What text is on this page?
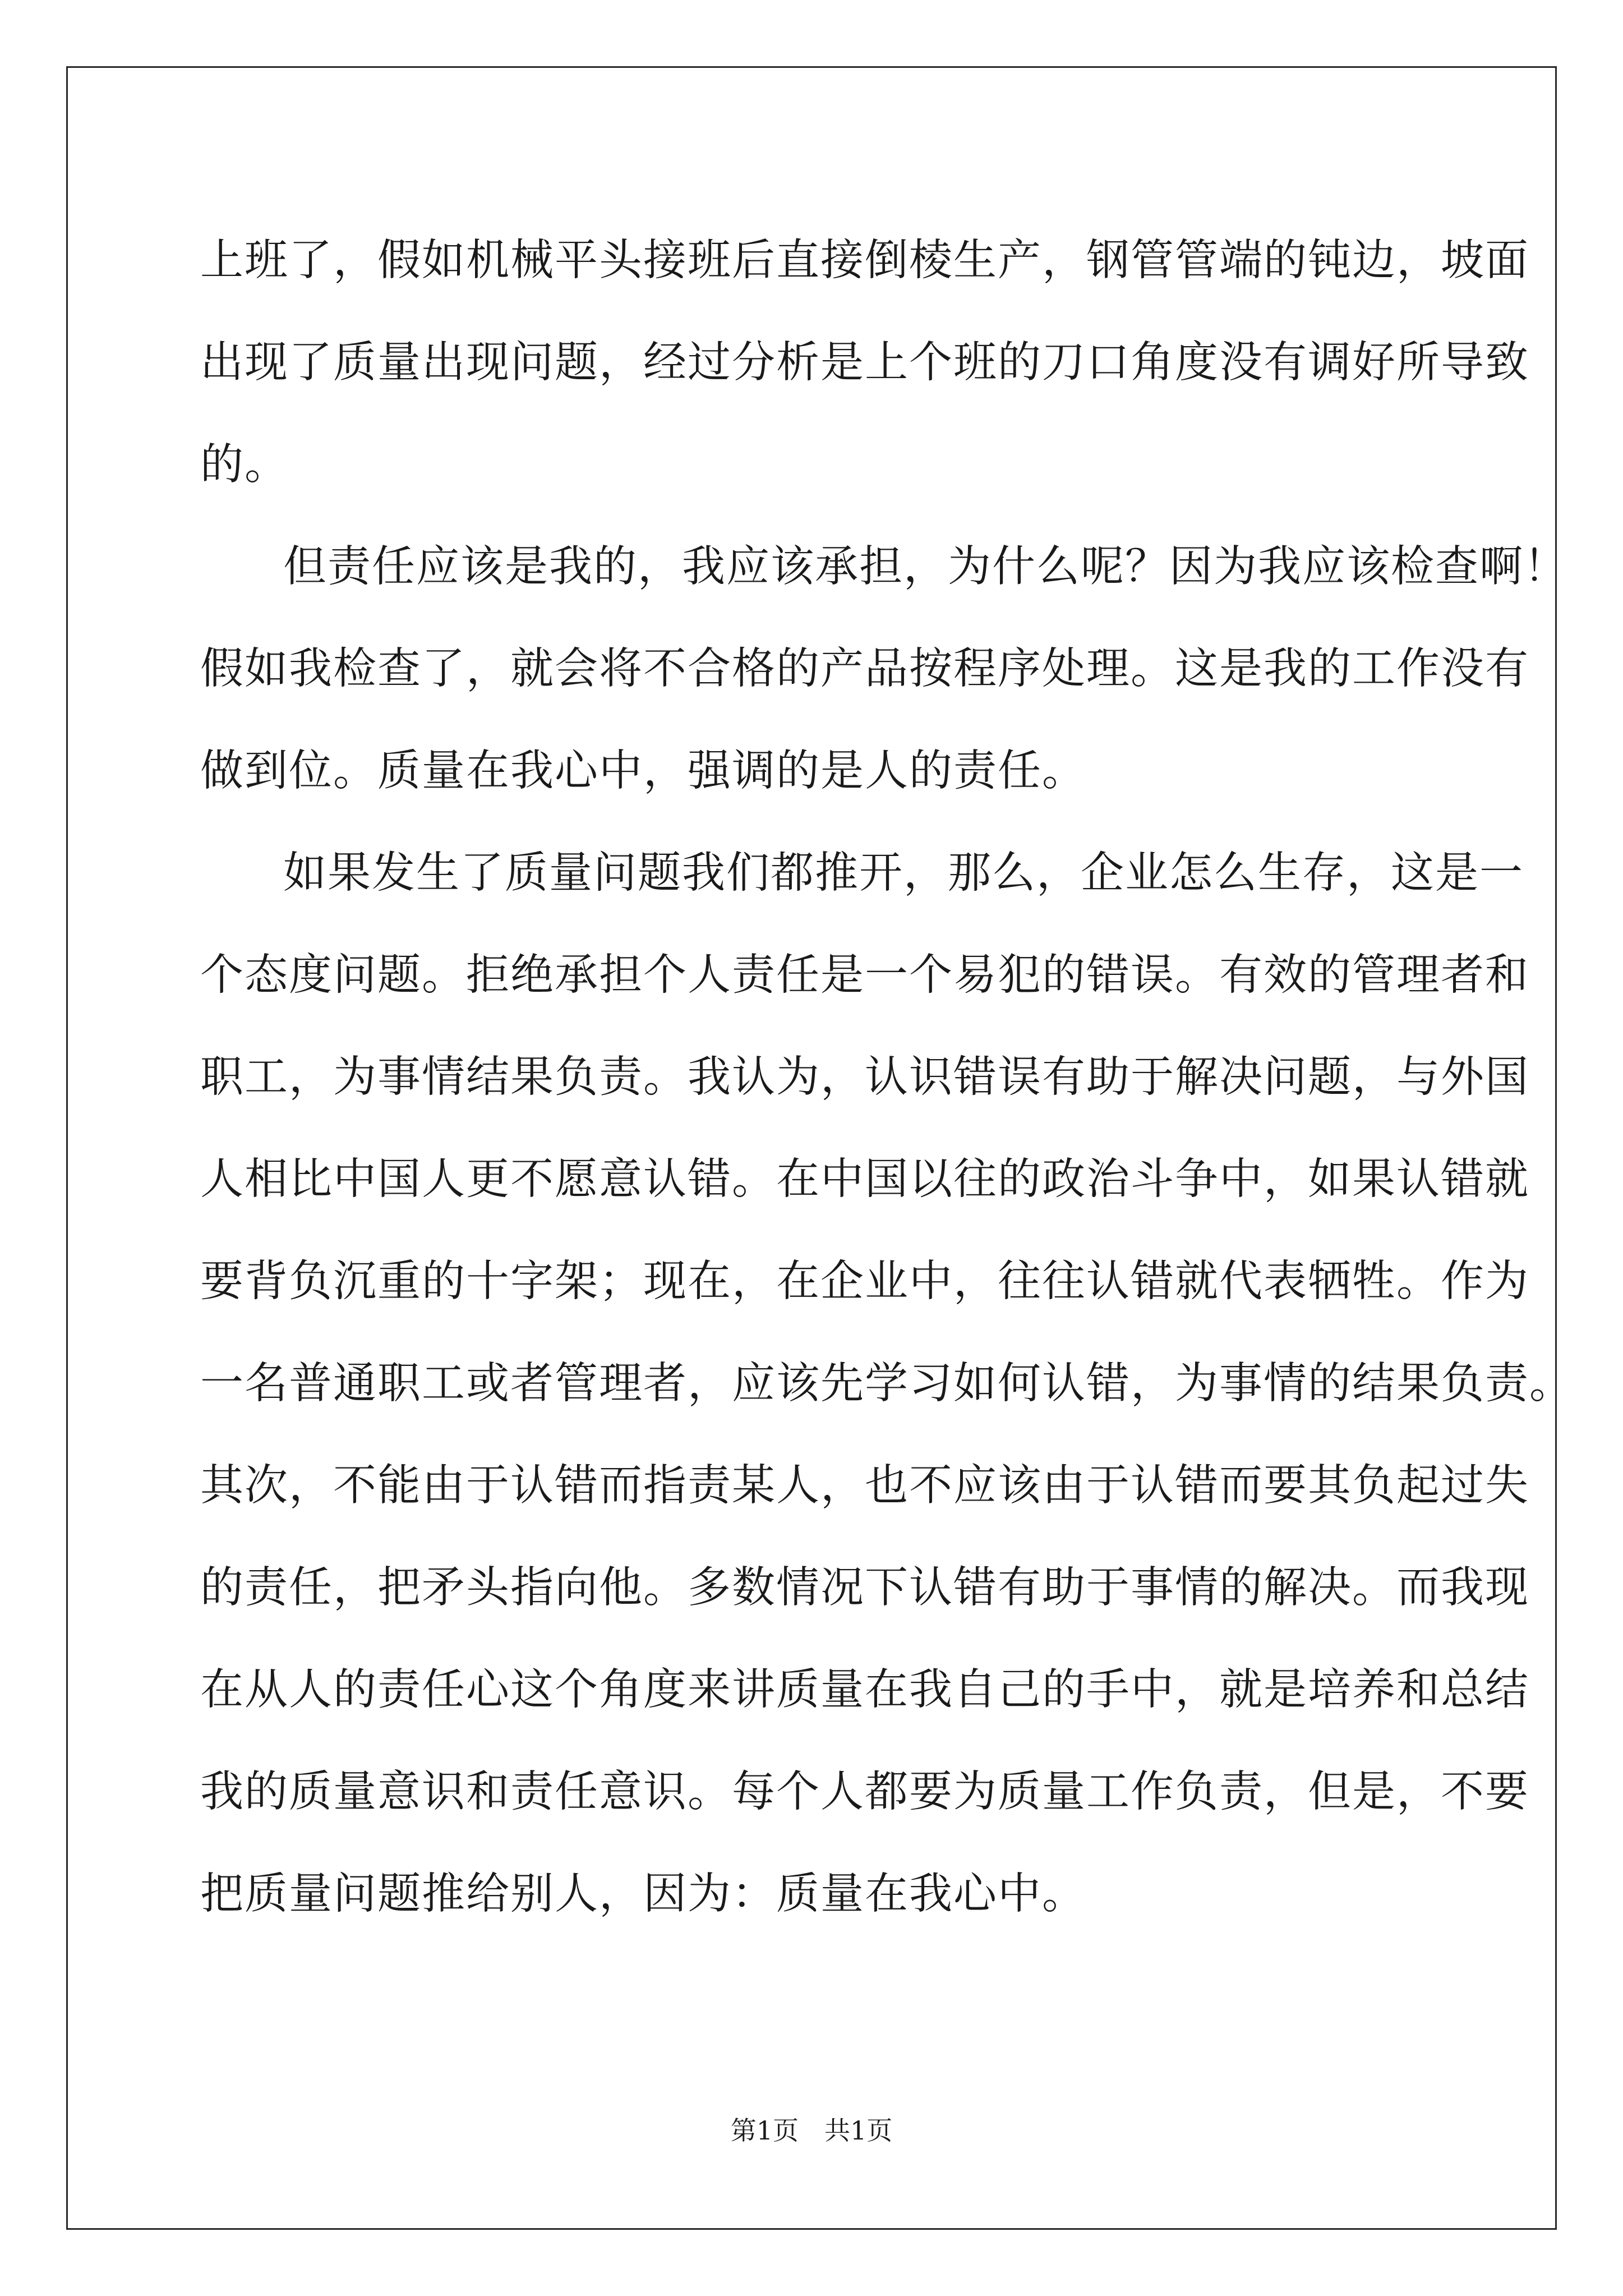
上班了，假如机械平头接班后直接倒棱生产，钢管管端的钝边，坡面
出现了质量出现问题，经过分析是上个班的刀口角度没有调好所导致
的。
但责任应该是我的，我应该承担，为什么呢？因为我应该检查啊！
假如我检查了，就会将不合格的产品按程序处理。这是我的工作没有
做到位。质量在我心中，强调的是人的责任。
如果发生了质量问题我们都推开，那么，企业怎么生存，这是一
个态度问题。拒绝承担个人责任是一个易犯的错误。有效的管理者和
职工，为事情结果负责。我认为，认识错误有助于解决问题，与外国
人相比中国人更不愿意认错。在中国以往的政治斗争中，如果认错就
要背负沉重的十字架；现在，在企业中，往往认错就代表牺牲。作为
一名普通职工或者管理者，应该先学习如何认错，为事情的结果负责。
其次，不能由于认错而指责某人，也不应该由于认错而要其负起过失
的责任，把矛头指向他。多数情况下认错有助于事情的解决。而我现
在从人的责任心这个角度来讲质量在我自己的手中，就是培养和总结
我的质量意识和责任意识。每个人都要为质量工作负责，但是，不要
把质量问题推给别人，因为：质量在我心中。
第1页　共1页
